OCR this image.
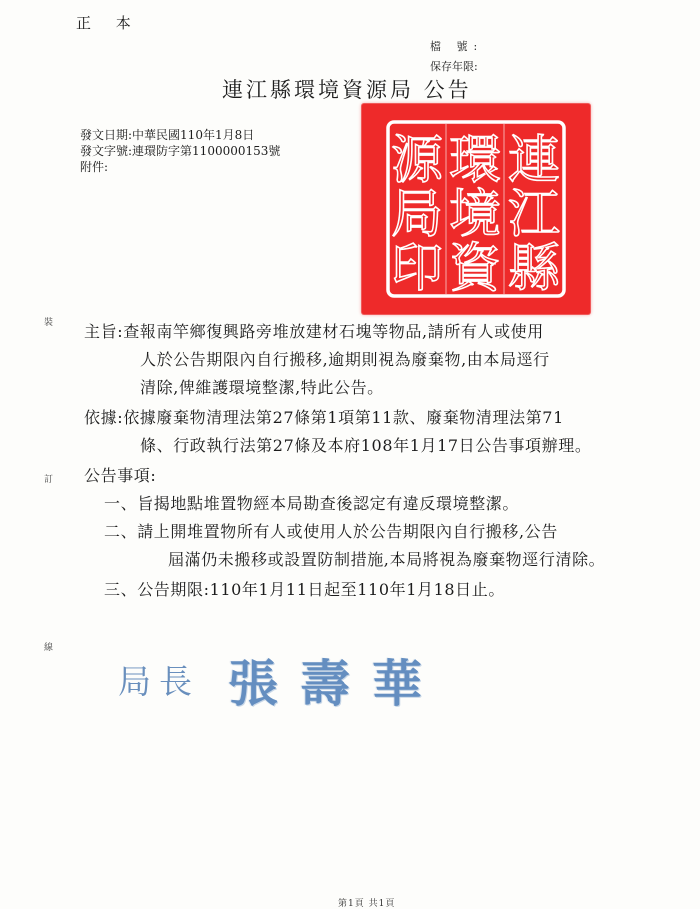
正 本
檔 號:
保存年限:
連江縣環境資源局 公告
發文日期:中華民國110年1月8日
發文字號:連環防字第1100000153號
附件:	連
江
縣
環
境
資
源
局
印
裝
訂
線
主旨:查報南竿鄉復興路旁堆放建材石塊等物品,請所有人或使用
人於公告期限內自行搬移,逾期則視為廢棄物,由本局逕行
清除,俾維護環境整潔,特此公告。
依據:依據廢棄物清理法第27條第1項第11款、廢棄物清理法第71
條、行政執行法第27條及本府108年1月17日公告事項辦理。
公告事項:
一、旨揭地點堆置物經本局勘查後認定有違反環境整潔。
二、請上開堆置物所有人或使用人於公告期限內自行搬移,公告
屆滿仍未搬移或設置防制措施,本局將視為廢棄物逕行清除。
三、公告期限:110年1月11日起至110年1月18日止。
局長 張壽華
第1頁 共1頁
